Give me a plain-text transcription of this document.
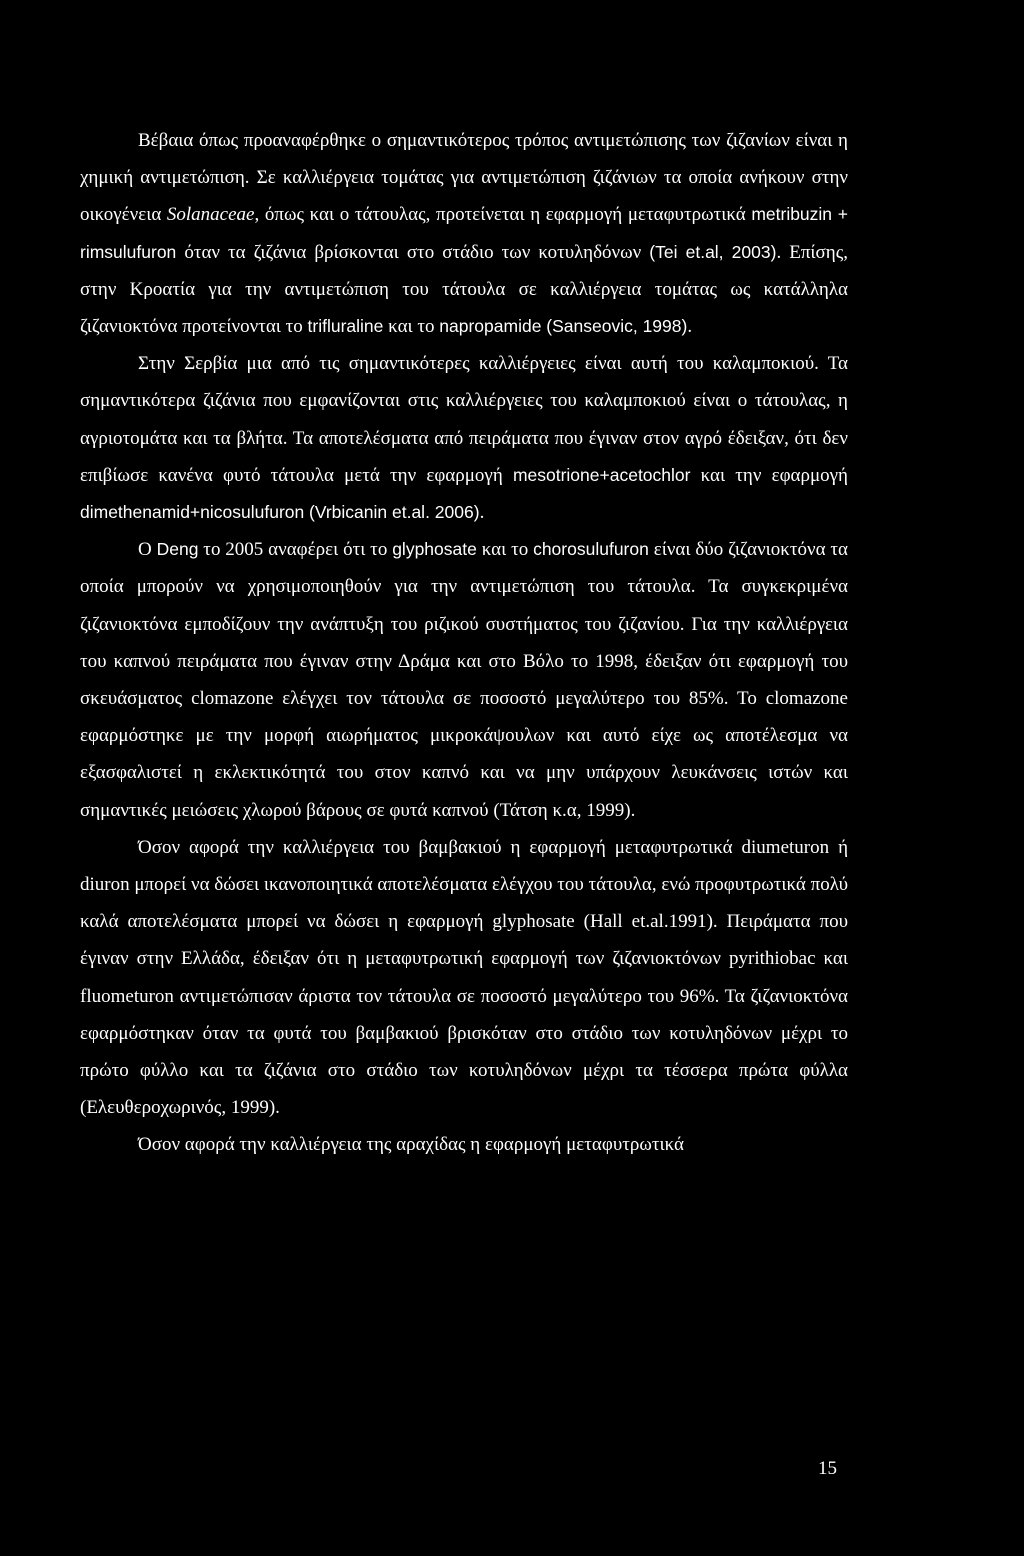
Βέβαια όπως προαναφέρθηκε ο σημαντικότερος τρόπος αντιμετώπισης των ζιζανίων είναι η χημική αντιμετώπιση. Σε καλλιέργεια τομάτας για αντιμετώπιση ζιζάνιων τα οποία ανήκουν στην οικογένεια Solanaceae, όπως και ο τάτουλας, προτείνεται η εφαρμογή μεταφυτρωτικά metribuzin + rimsulufuron όταν τα ζιζάνια βρίσκονται στο στάδιο των κοτυληδόνων (Tei et.al, 2003). Επίσης, στην Κροατία για την αντιμετώπιση του τάτουλα σε καλλιέργεια τομάτας ως κατάλληλα ζιζανιοκτόνα προτείνονται το trifluraline και το napropamide (Sanseovic, 1998).

Στην Σερβία μια από τις σημαντικότερες καλλιέργειες είναι αυτή του καλαμποκιού. Τα σημαντικότερα ζιζάνια που εμφανίζονται στις καλλιέργειες του καλαμποκιού είναι ο τάτουλας, η αγριοτομάτα και τα βλήτα. Τα αποτελέσματα από πειράματα που έγιναν στον αγρό έδειξαν, ότι δεν επιβίωσε κανένα φυτό τάτουλα μετά την εφαρμογή mesotrione+acetochlor και την εφαρμογή dimethenamid+nicosulufuron (Vrbicanin et.al. 2006).

Ο Deng το 2005 αναφέρει ότι το glyphosate και το chorosulufuron είναι δύο ζιζανιοκτόνα τα οποία μπορούν να χρησιμοποιηθούν για την αντιμετώπιση του τάτουλα. Τα συγκεκριμένα ζιζανιοκτόνα εμποδίζουν την ανάπτυξη του ριζικού συστήματος του ζιζανίου. Για την καλλιέργεια του καπνού πειράματα που έγιναν στην Δράμα και στο Βόλο το 1998, έδειξαν ότι εφαρμογή του σκευάσματος clomazone ελέγχει τον τάτουλα σε ποσοστό μεγαλύτερο του 85%. Το clomazone εφαρμόστηκε με την μορφή αιωρήματος μικροκάψουλων και αυτό είχε ως αποτέλεσμα να εξασφαλιστεί η εκλεκτικότητά του στον καπνό και να μην υπάρχουν λευκάνσεις ιστών και σημαντικές μειώσεις χλωρού βάρους σε φυτά καπνού (Τάτση κ.α, 1999).

Όσον αφορά την καλλιέργεια του βαμβακιού η εφαρμογή μεταφυτρωτικά diumeturon ή diuron μπορεί να δώσει ικανοποιητικά αποτελέσματα ελέγχου του τάτουλα, ενώ προφυτρωτικά πολύ καλά αποτελέσματα μπορεί να δώσει η εφαρμογή glyphosate (Hall et.al.1991). Πειράματα που έγιναν στην Ελλάδα, έδειξαν ότι η μεταφυτρωτική εφαρμογή των ζιζανιοκτόνων pyrithiobac και fluometuron αντιμετώπισαν άριστα τον τάτουλα σε ποσοστό μεγαλύτερο του 96%. Τα ζιζανιοκτόνα εφαρμόστηκαν όταν τα φυτά του βαμβακιού βρισκόταν στο στάδιο των κοτυληδόνων μέχρι το πρώτο φύλλο και τα ζιζάνια στο στάδιο των κοτυληδόνων μέχρι τα τέσσερα πρώτα φύλλα (Ελευθεροχωρινός, 1999).

Όσον αφορά την καλλιέργεια της αραχίδας η εφαρμογή μεταφυτρωτικά

15
